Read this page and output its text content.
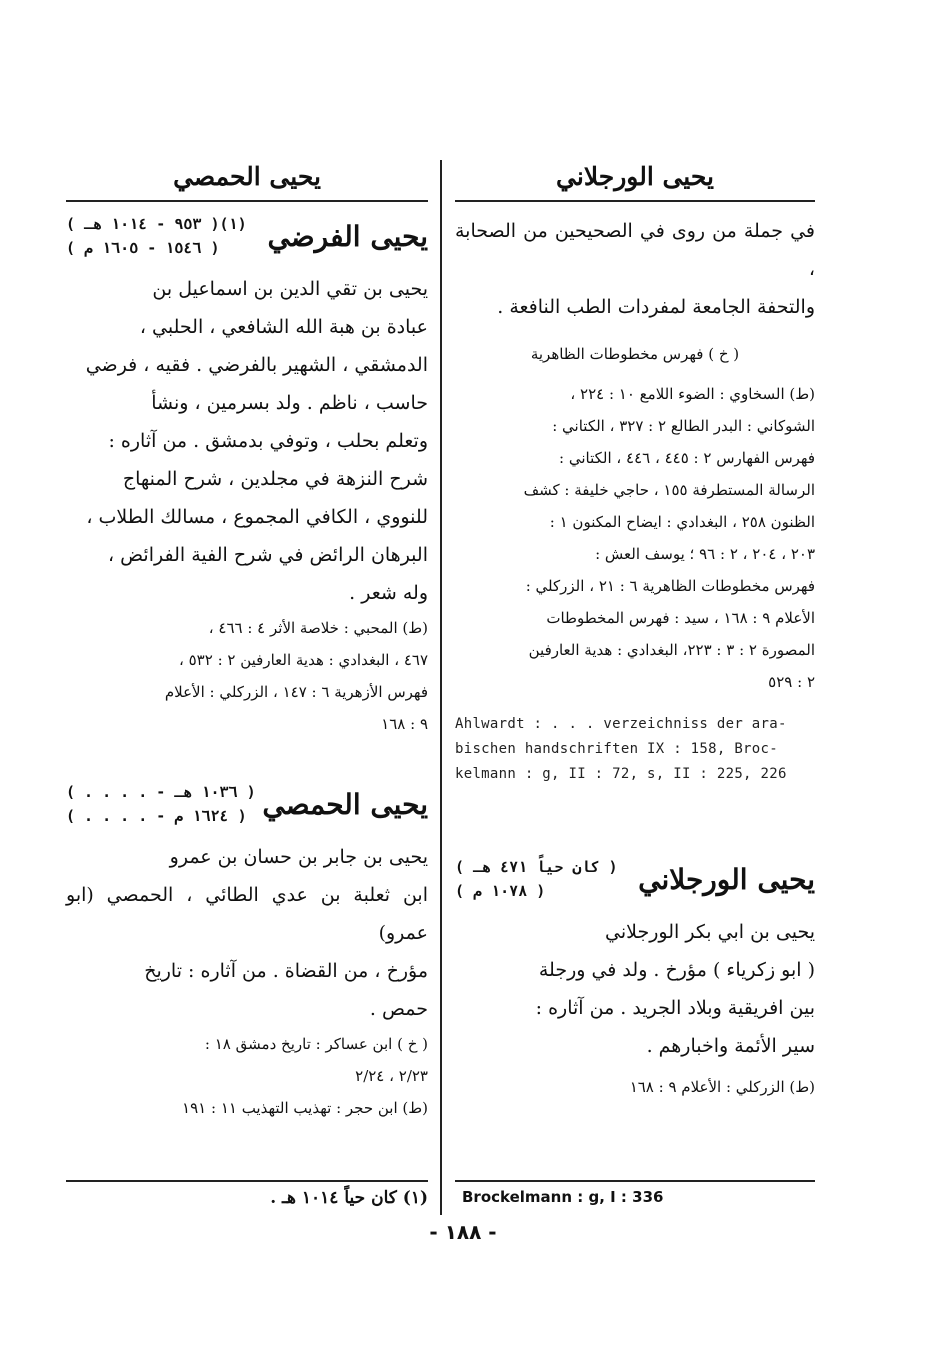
يحيى الورجلاني

في جملة من روى في الصحيحين من الصحابة ،

والتحفة الجامعة لمفردات الطب النافعة .

( خ ) فهرس مخطوطات الظاهرية

(ط) السخاوي : الضوء اللامع ١٠ : ٢٢٤ ،

الشوكاني : البدر الطالع ٢ : ٣٢٧ ، الكتاني :

فهرس الفهارس ٢ : ٤٤٥ ، ٤٤٦ ، الكتاني :

الرسالة المستطرفة ١٥٥ ، حاجي خليفة : كشف

الظنون ٢٥٨ ، البغدادي : ايضاح المكنون ١ :

٢٠٣ ، ٢٠٤ ، ٢ : ٩٦ ؛ يوسف العش :

فهرس مخطوطات الظاهرية ٦ : ٢١ ، الزركلي :

الأعلام ٩ : ١٦٨ ، سيد : فهرس المخطوطات

المصورة ٢ : ٣ : ٢٢٣، البغدادي : هدية العارفين

٢ : ٥٢٩

Ahlwardt : . . . verzeichniss der ara-
bischen handschriften IX : 158, Broc-
kelmann : g, II : 72, s, II : 225, 226
يحيى الورجلاني
( كان حياً ٤٧١ هـ )
( ١٠٧٨ م )

يحيى بن ابي بكر الورجلاني

( ابو زكرياء ) مؤرخ . ولد في ورجلة

بين افريقية وبلاد الجريد . من آثاره :

سير الأئمة واخبارهم .

(ط) الزركلي : الأعلام ٩ : ١٦٨

يحيى الحمصي
يحيى الفرضي
( ٩٥٣ - ١٠١٤ هـ )(١)
( ١٥٤٦ - ١٦٠٥ م )

يحيى بن تقي الدين بن اسماعيل بن

عبادة بن هبة الله الشافعي ، الحلبي ،

الدمشقي ، الشهير بالفرضي . فقيه ، فرضي

حاسب ، ناظم . ولد بسرمين ، ونشأ

وتعلم بحلب ، وتوفي بدمشق . من آثاره :

شرح النزهة في مجلدين ، شرح المنهاج

للنووي ، الكافي المجموع ، مسالك الطلاب ،

البرهان الرائض في شرح الفية الفرائض ،

وله شعر .

(ط) المحبي : خلاصة الأثر ٤ : ٤٦٦ ،

٤٦٧ ، البغدادي : هدية العارفين ٢ : ٥٣٢ ،

فهرس الأزهرية ٦ : ١٤٧ ، الزركلي : الأعلام

٩ : ١٦٨

يحيى الحمصي
( . . . . - ١٠٣٦ هـ )
( . . . . - ١٦٢٤ م )

يحيى بن جابر بن حسان بن عمرو

ابن ثعلبة بن عدي الطائي ، الحمصي (ابو عمرو)

مؤرخ ، من القضاة . من آثاره : تاريخ

حمص .

( خ ) ابن عساكر : تاريخ دمشق ١٨ :

٢/٢٣ ، ٢/٢٤

(ط) ابن حجر : تهذيب التهذيب ١١ : ١٩١

(١) كان حياً ١٠١٤ هـ . Brockelmann : g, I : 336
- ١٨٨ -
